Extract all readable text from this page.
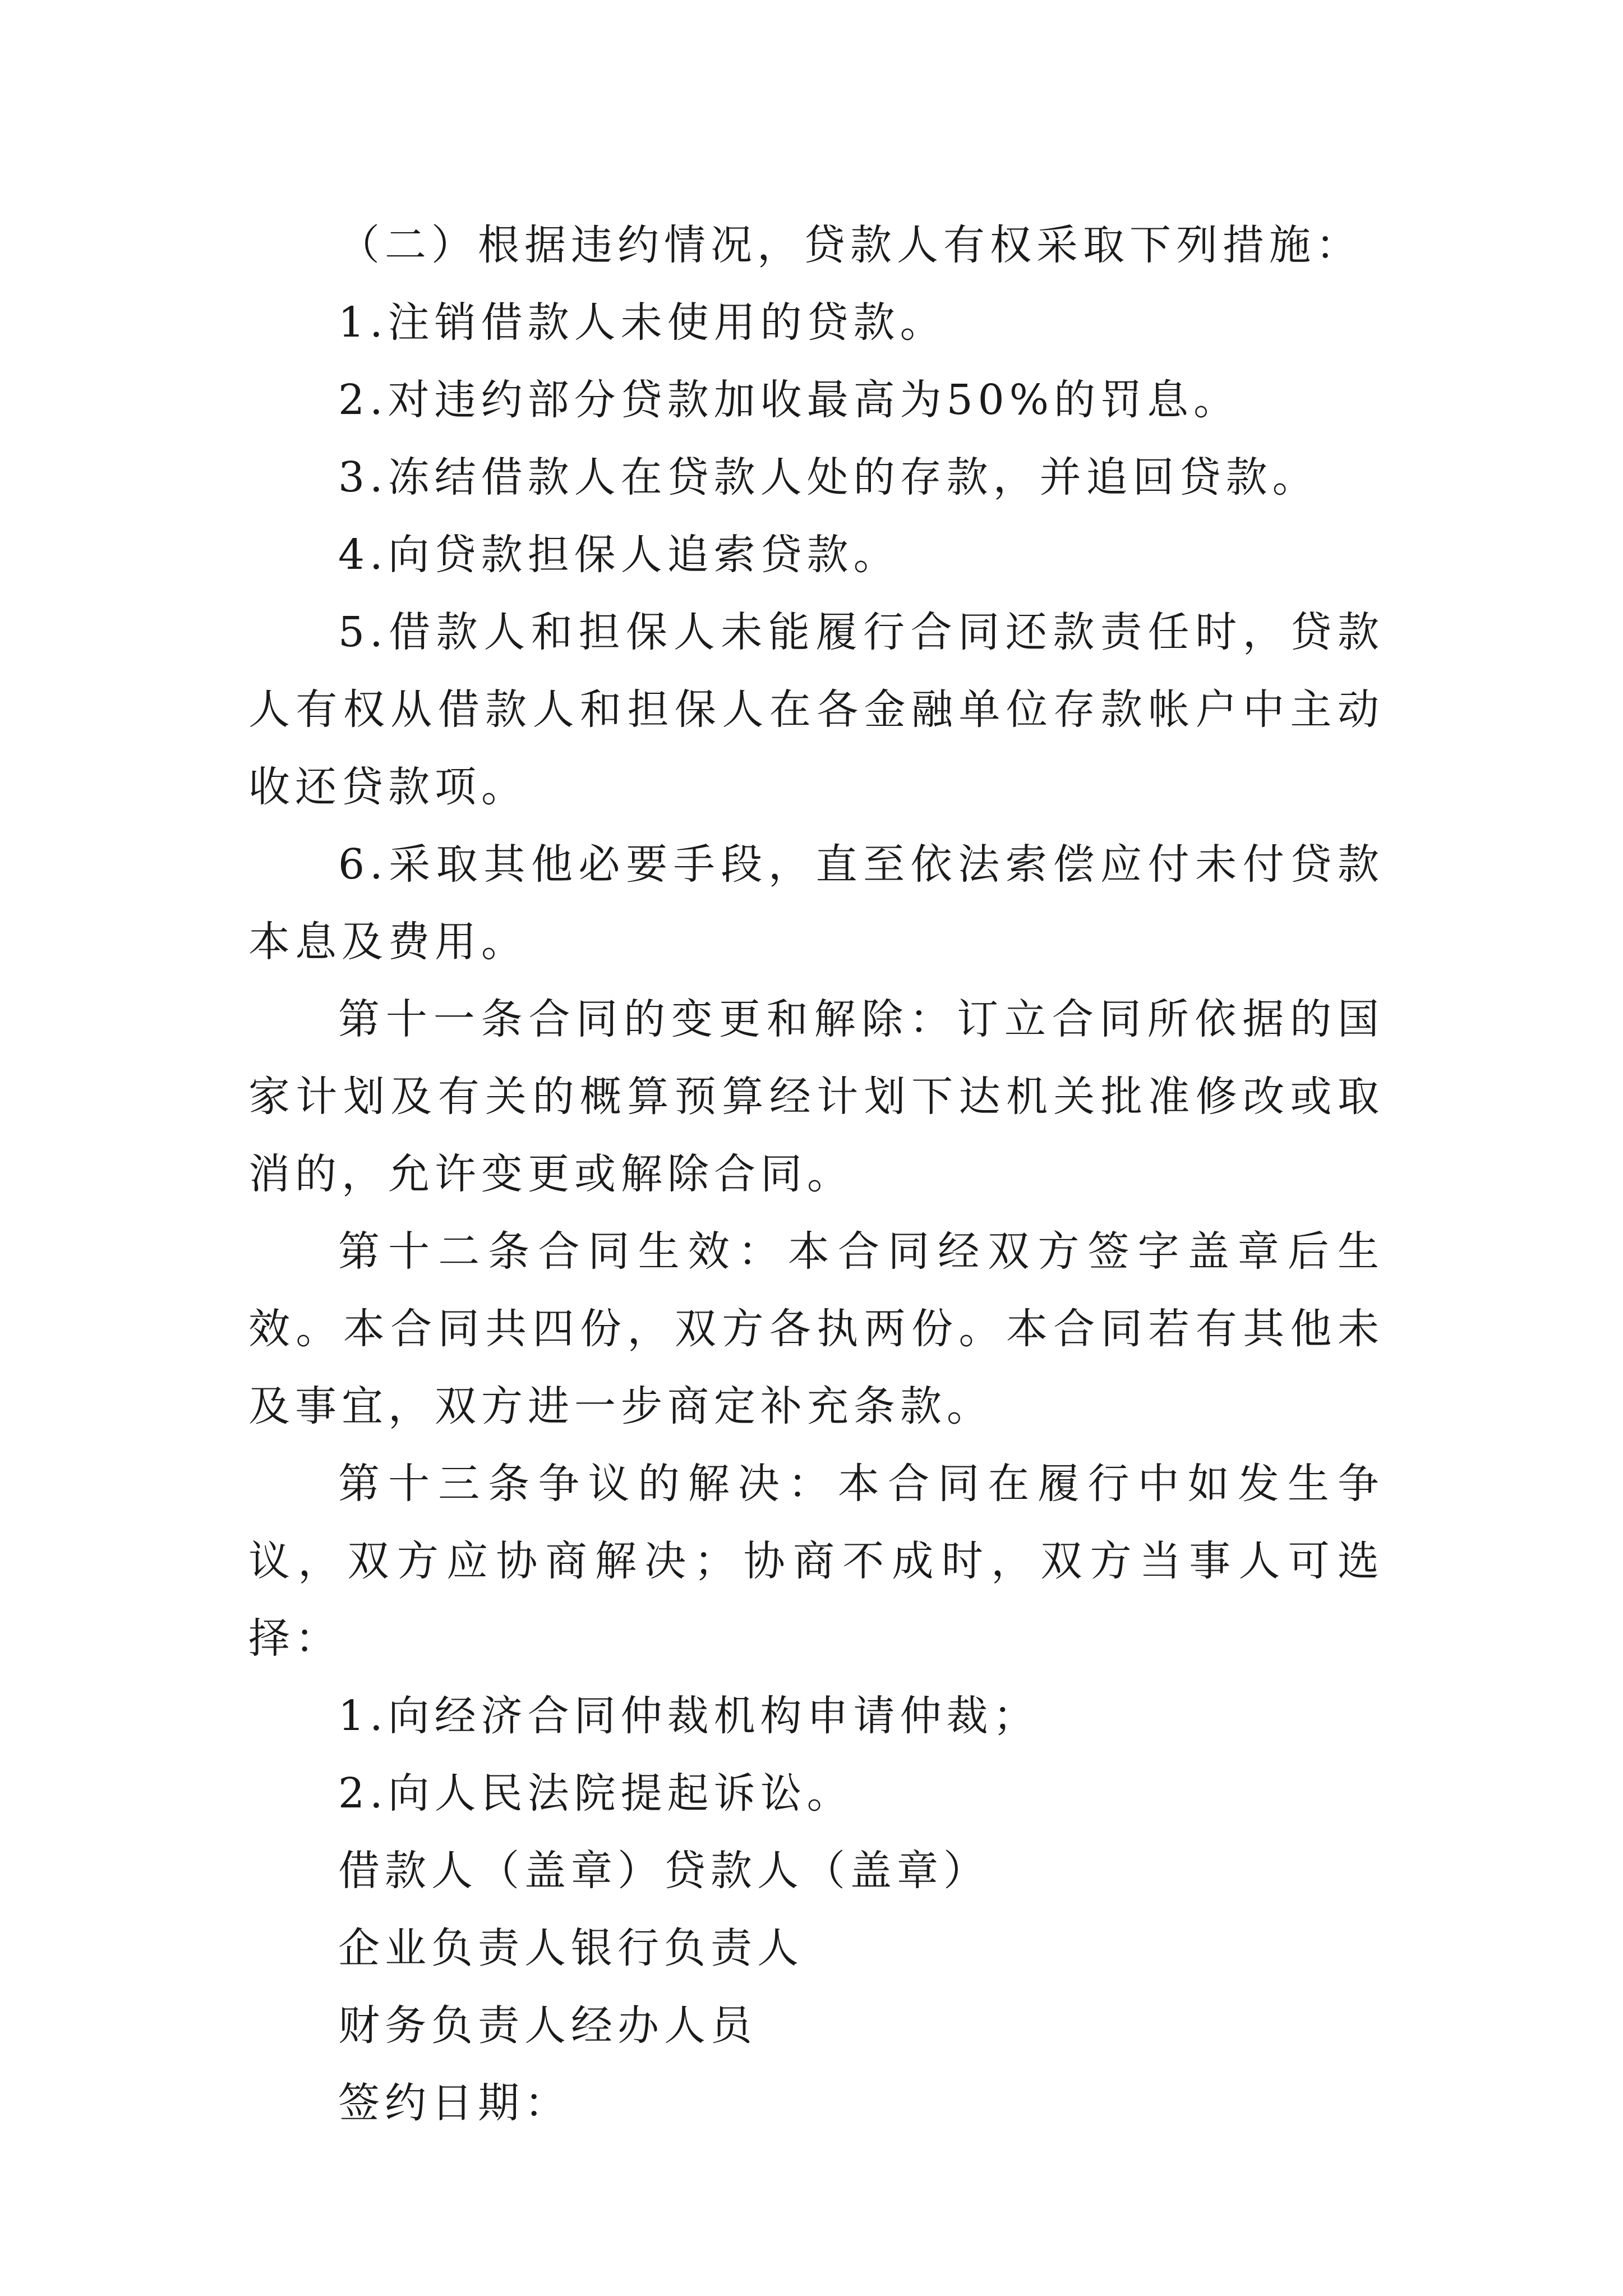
（二）根据违约情况，贷款人有权采取下列措施：

1.注销借款人未使用的贷款。

2.对违约部分贷款加收最高为50%的罚息。

3.冻结借款人在贷款人处的存款，并追回贷款。

4.向贷款担保人追索贷款。

5.借款人和担保人未能履行合同还款责任时，贷款人有权从借款人和担保人在各金融单位存款帐户中主动收还贷款项。

6.采取其他必要手段，直至依法索偿应付未付贷款本息及费用。

第十一条合同的变更和解除：订立合同所依据的国家计划及有关的概算预算经计划下达机关批准修改或取消的，允许变更或解除合同。

第十二条合同生效：本合同经双方签字盖章后生效。本合同共四份，双方各执两份。本合同若有其他未及事宜，双方进一步商定补充条款。

第十三条争议的解决：本合同在履行中如发生争议，双方应协商解决；协商不成时，双方当事人可选择：

1.向经济合同仲裁机构申请仲裁；

2.向人民法院提起诉讼。

借款人（盖章）贷款人（盖章）

企业负责人银行负责人

财务负责人经办人员

签约日期：
